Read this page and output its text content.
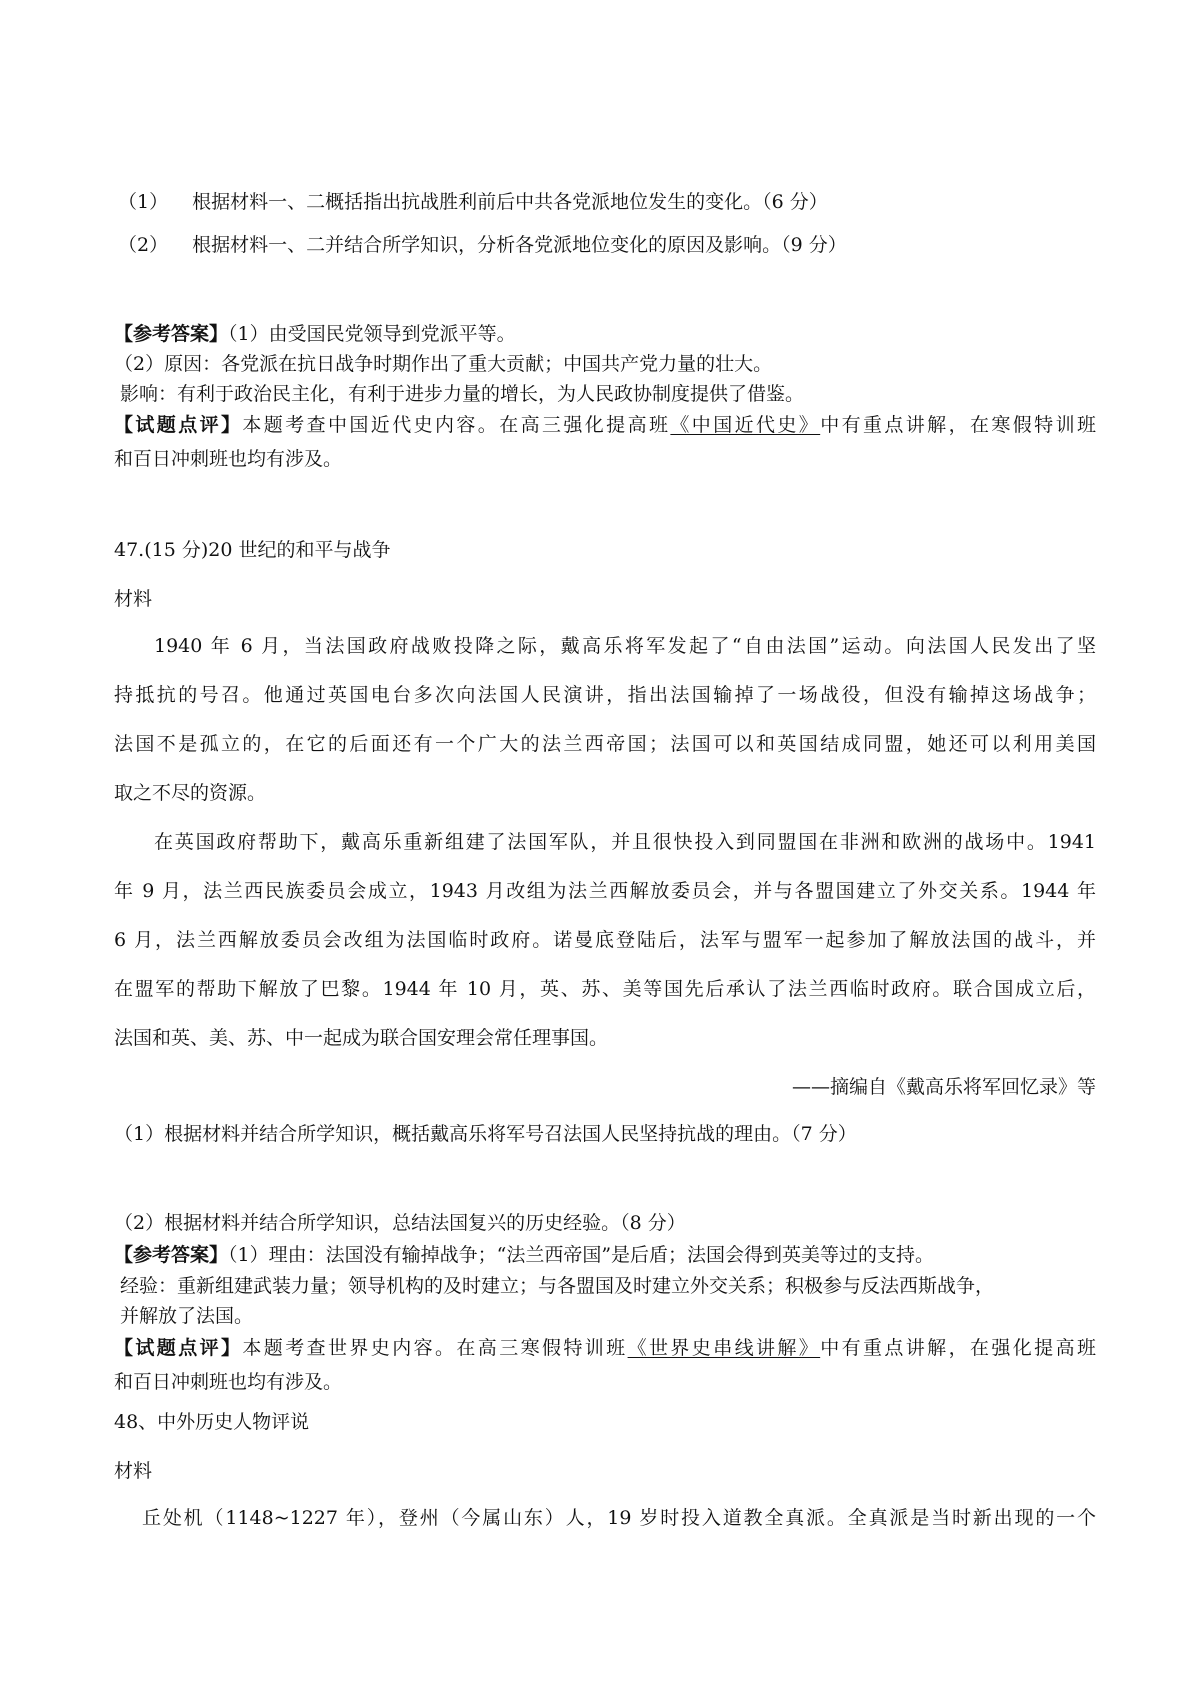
（1） 根据材料一、二概括指出抗战胜利前后中共各党派地位发生的变化。（6 分）
（2） 根据材料一、二并结合所学知识，分析各党派地位变化的原因及影响。（9 分）
【参考答案】（1）由受国民党领导到党派平等。
（2）原因：各党派在抗日战争时期作出了重大贡献；中国共产党力量的壮大。
影响：有利于政治民主化，有利于进步力量的增长，为人民政协制度提供了借鉴。
【试题点评】本题考查中国近代史内容。在高三强化提高班《中国近代史》中有重点讲解，在寒假特训班
和百日冲刺班也均有涉及。
47.(15 分)20 世纪的和平与战争
材料
1940 年 6 月，当法国政府战败投降之际，戴高乐将军发起了“自由法国”运动。向法国人民发出了坚
持抵抗的号召。他通过英国电台多次向法国人民演讲，指出法国输掉了一场战役，但没有输掉这场战争；
法国不是孤立的，在它的后面还有一个广大的法兰西帝国；法国可以和英国结成同盟，她还可以利用美国
取之不尽的资源。
在英国政府帮助下，戴高乐重新组建了法国军队，并且很快投入到同盟国在非洲和欧洲的战场中。1941
年 9 月，法兰西民族委员会成立，1943 月改组为法兰西解放委员会，并与各盟国建立了外交关系。1944 年
6 月，法兰西解放委员会改组为法国临时政府。诺曼底登陆后，法军与盟军一起参加了解放法国的战斗，并
在盟军的帮助下解放了巴黎。1944 年 10 月，英、苏、美等国先后承认了法兰西临时政府。联合国成立后，
法国和英、美、苏、中一起成为联合国安理会常任理事国。
——摘编自《戴高乐将军回忆录》等
（1）根据材料并结合所学知识，概括戴高乐将军号召法国人民坚持抗战的理由。（7 分）
（2）根据材料并结合所学知识，总结法国复兴的历史经验。（8 分）
【参考答案】（1）理由：法国没有输掉战争；“法兰西帝国”是后盾；法国会得到英美等过的支持。
经验：重新组建武装力量；领导机构的及时建立；与各盟国及时建立外交关系；积极参与反法西斯战争，
并解放了法国。
【试题点评】本题考查世界史内容。在高三寒假特训班《世界史串线讲解》中有重点讲解，在强化提高班
和百日冲刺班也均有涉及。
48、中外历史人物评说
材料
丘处机（1148~1227 年），登州（今属山东）人，19 岁时投入道教全真派。全真派是当时新出现的一个
